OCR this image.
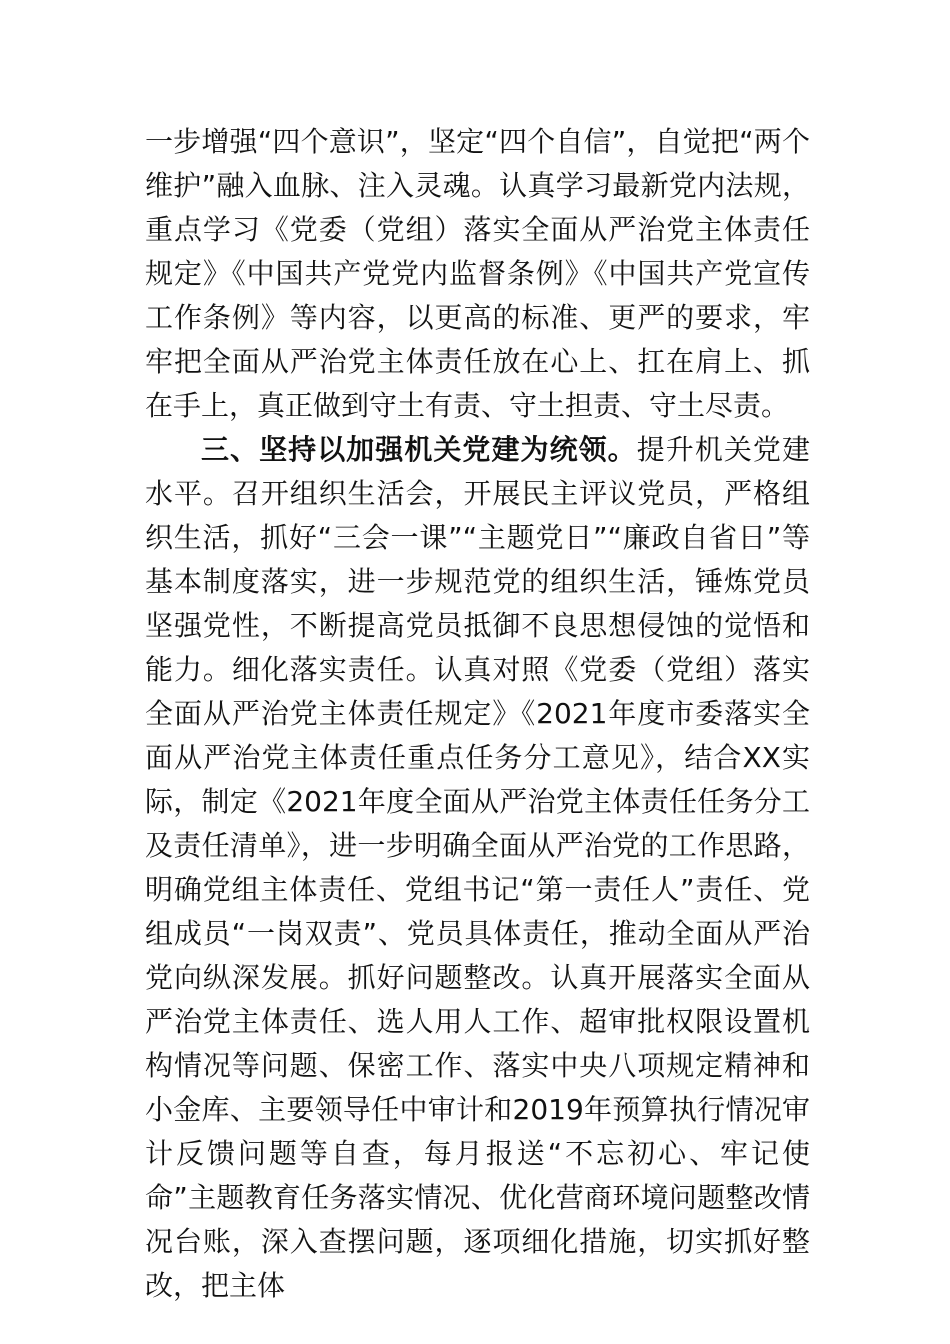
一步增强“四个意识”，坚定“四个自信”，自觉把“两个维护”融入血脉、注入灵魂。认真学习最新党内法规，重点学习《党委（党组）落实全面从严治党主体责任规定》《中国共产党党内监督条例》《中国共产党宣传工作条例》等内容，以更高的标准、更严的要求，牢牢把全面从严治党主体责任放在心上、扛在肩上、抓在手上，真正做到守土有责、守土担责、守土尽责。

三、坚持以加强机关党建为统领。提升机关党建水平。召开组织生活会，开展民主评议党员，严格组织生活，抓好“三会一课”“主题党日”“廉政自省日”等基本制度落实，进一步规范党的组织生活，锤炼党员坚强党性，不断提高党员抵御不良思想侵蚀的觉悟和能力。细化落实责任。认真对照《党委（党组）落实全面从严治党主体责任规定》《2021年度市委落实全面从严治党主体责任重点任务分工意见》，结合XX实际，制定《2021年度全面从严治党主体责任任务分工及责任清单》，进一步明确全面从严治党的工作思路，明确党组主体责任、党组书记“第一责任人”责任、党组成员“一岗双责”、党员具体责任，推动全面从严治党向纵深发展。抓好问题整改。认真开展落实全面从严治党主体责任、选人用人工作、超审批权限设置机构情况等问题、保密工作、落实中央八项规定精神和小金库、主要领导任中审计和2019年预算执行情况审计反馈问题等自查，每月报送“不忘初心、牢记使命”主题教育任务落实情况、优化营商环境问题整改情况台账，深入查摆问题，逐项细化措施，切实抓好整改，把主体
